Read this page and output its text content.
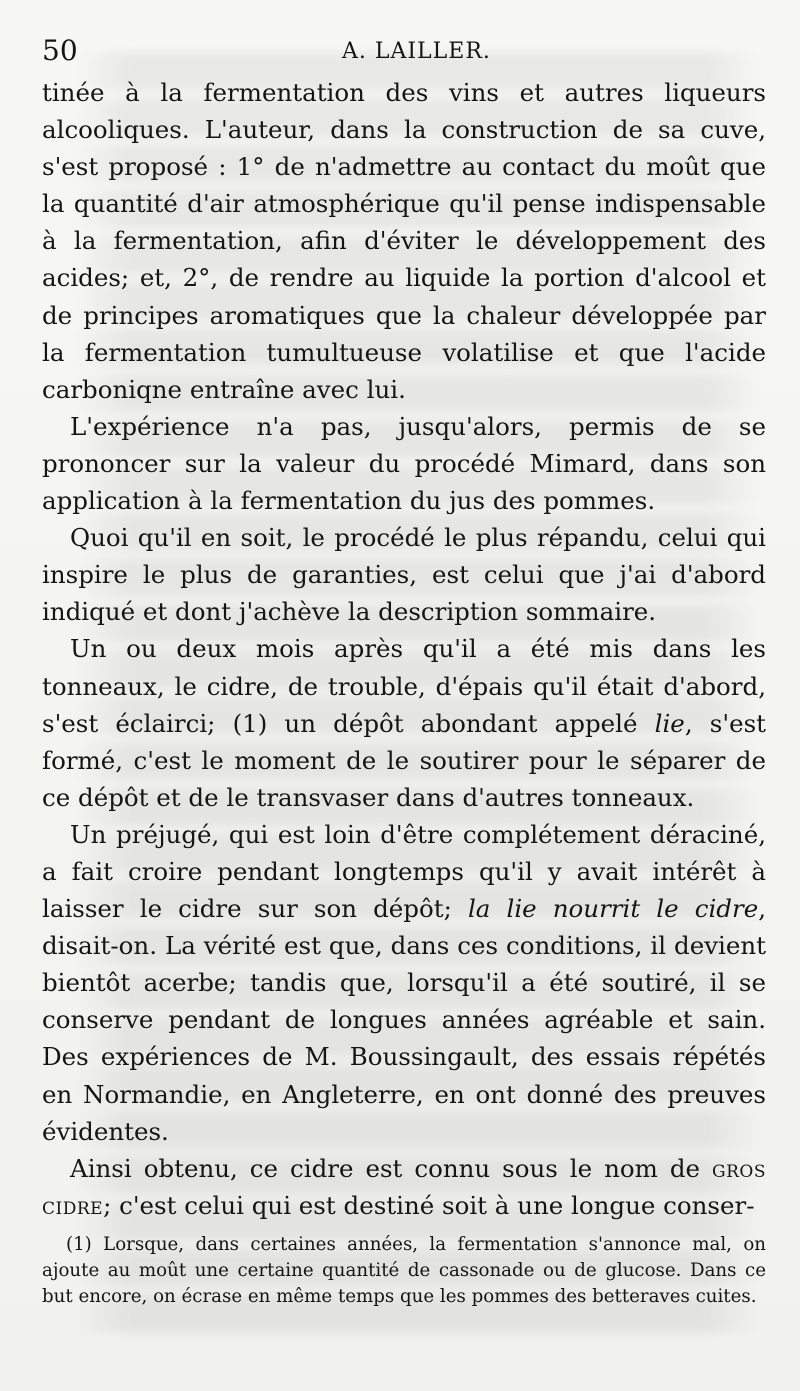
50	A. LAILLER.

tinée à la fermentation des vins et autres liqueurs alcooliques. L'auteur, dans la construction de sa cuve, s'est proposé : 1° de n'admettre au contact du moût que la quantité d'air atmosphérique qu'il pense indispensable à la fermentation, afin d'éviter le développement des acides; et, 2°, de rendre au liquide la portion d'alcool et de principes aromatiques que la chaleur développée par la fermentation tumultueuse volatilise et que l'acide carboniqne entraîne avec lui.

L'expérience n'a pas, jusqu'alors, permis de se prononcer sur la valeur du procédé Mimard, dans son application à la fermentation du jus des pommes.

Quoi qu'il en soit, le procédé le plus répandu, celui qui inspire le plus de garanties, est celui que j'ai d'abord indiqué et dont j'achève la description sommaire.

Un ou deux mois après qu'il a été mis dans les tonneaux, le cidre, de trouble, d'épais qu'il était d'abord, s'est éclairci; (1) un dépôt abondant appelé lie, s'est formé, c'est le moment de le soutirer pour le séparer de ce dépôt et de le transvaser dans d'autres tonneaux.

Un préjugé, qui est loin d'être complétement déraciné, a fait croire pendant longtemps qu'il y avait intérêt à laisser le cidre sur son dépôt; la lie nourrit le cidre, disait-on. La vérité est que, dans ces conditions, il devient bientôt acerbe; tandis que, lorsqu'il a été soutiré, il se conserve pendant de longues années agréable et sain. Des expériences de M. Boussingault, des essais répétés en Normandie, en Angleterre, en ont donné des preuves évidentes.

Ainsi obtenu, ce cidre est connu sous le nom de gros cidre; c'est celui qui est destiné soit à une longue conser-

(1) Lorsque, dans certaines années, la fermentation s'annonce mal, on ajoute au moût une certaine quantité de cassonade ou de glucose. Dans ce but encore, on écrase en même temps que les pommes des betteraves cuites.
